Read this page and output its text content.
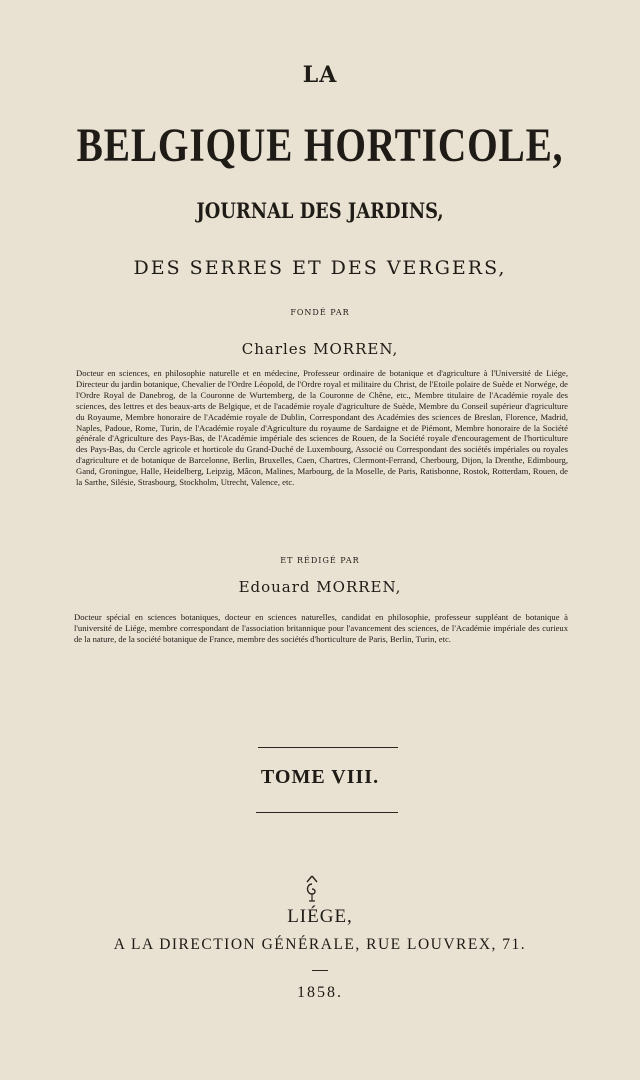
LA
BELGIQUE HORTICOLE,
JOURNAL DES JARDINS,
DES SERRES ET DES VERGERS,
FONDÉ PAR
Charles MORREN,
Docteur en sciences, en philosophie naturelle et en médecine, Professeur ordinaire de botanique et d'agriculture à l'Université de Liége, Directeur du jardin botanique, Chevalier de l'Ordre Léopold, de l'Ordre royal et militaire du Christ, de l'Etoile polaire de Suède et Norwége, de l'Ordre Royal de Danebrog, de la Couronne de Wurtemberg, de la Couronne de Chêne, etc., Membre titulaire de l'Académie royale des sciences, des lettres et des beaux-arts de Belgique, et de l'académie royale d'agriculture de Suède, Membre du Conseil supérieur d'agriculture du Royaume, Membre honoraire de l'Académie royale de Dublin, Correspondant des Académies des sciences de Breslan, Florence, Madrid, Naples, Padoue, Rome, Turin, de l'Académie royale d'Agriculture du royaume de Sardaigne et de Piémont, Membre honoraire de la Société générale d'Agriculture des Pays-Bas, de l'Académie impériale des sciences de Rouen, de la Société royale d'encouragement de l'horticulture des Pays-Bas, du Cercle agricole et horticole du Grand-Duché de Luxembourg, Associé ou Correspondant des sociétés impériales ou royales d'agriculture et de botanique de Barcelonne, Berlin, Bruxelles, Caen, Chartres, Clermont-Ferrand, Cherbourg, Dijon, la Drenthe, Edimbourg, Gand, Groningue, Halle, Heidelberg, Leipzig, Mâcon, Malines, Marbourg, de la Moselle, de Paris, Ratisbonne, Rostok, Rotterdam, Rouen, de la Sarthe, Silésie, Strasbourg, Stockholm, Utrecht, Valence, etc.
ET RÉDIGÉ PAR
Edouard MORREN,
Docteur spécial en sciences botaniques, docteur en sciences naturelles, candidat en philosophie, professeur suppléant de botanique à l'université de Liége, membre correspondant de l'association britannique pour l'avancement des sciences, de l'Académie impériale des curieux de la nature, de la société botanique de France, membre des sociétés d'horticulture de Paris, Berlin, Turin, etc.
TOME VIII.
LIÉGE,
A LA DIRECTION GÉNÉRALE, RUE LOUVREX, 71.
1858.
